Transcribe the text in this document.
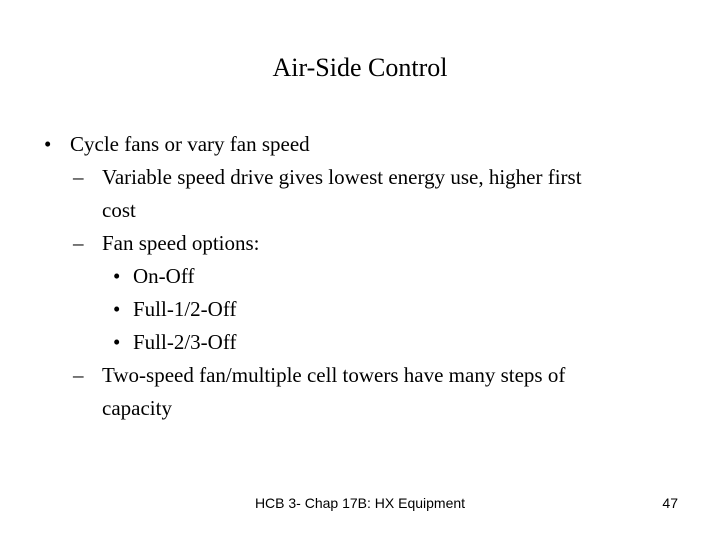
Air-Side Control
• Cycle fans or vary fan speed
– Variable speed drive gives lowest energy use, higher first
cost
– Fan speed options:
• On-Off
• Full-1/2-Off
• Full-2/3-Off
– Two-speed fan/multiple cell towers have many steps of
capacity
HCB 3- Chap 17B: HX Equipment	47
